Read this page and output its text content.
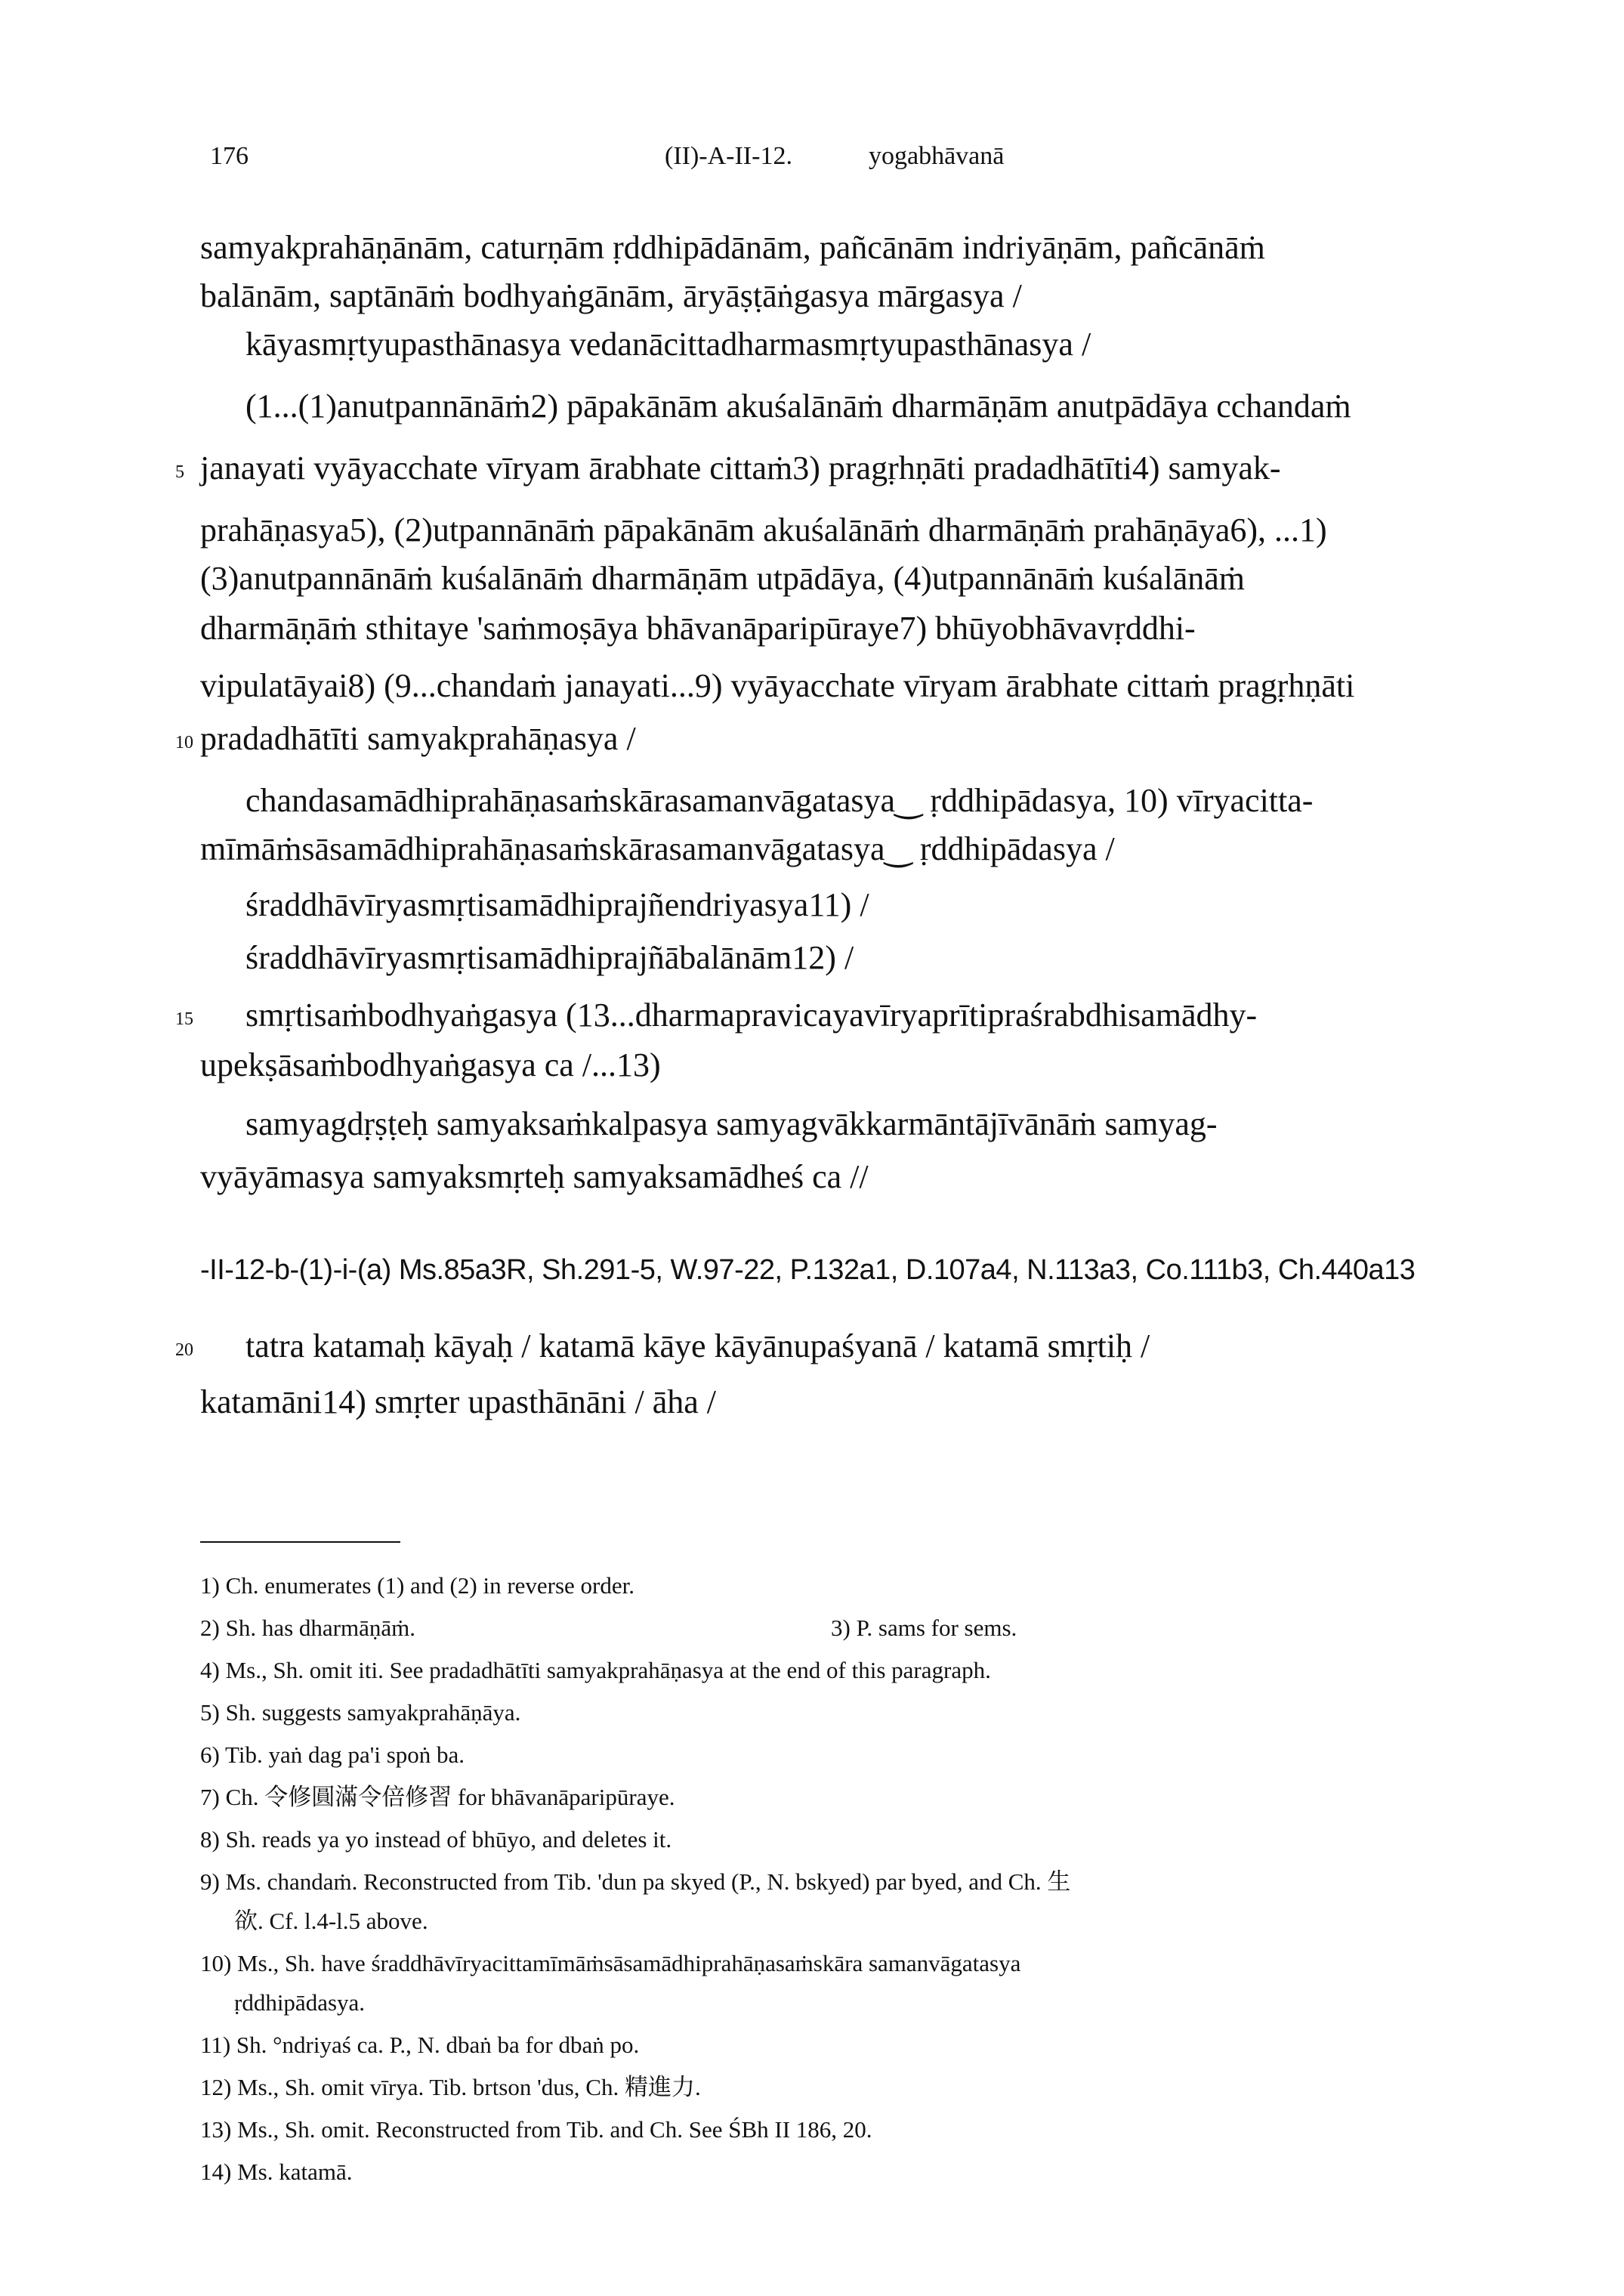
176	(II)-A-II-12.	yogabhāvanā
samyakprahāṇānām, caturṇām ṛddhipādānām, pañcānām indriyāṇām, pañcānāṁ
balānām, saptānāṁ bodhyaṅgānām, āryāṣṭāṅgasya mārgasya /
kāyasmṛtyupasthānasya vedanācittadharmasmṛtyupasthānasya /
(1...(1)anutpannānāṁ2) pāpakānām akuśalānāṁ dharmāṇām anutpādāya cchandaṁ
5 janayati vyāyacchate vīryam ārabhate cittaṁ3) pragṛhṇāti pradadhātīti4) samyak-
prahāṇasya5), (2)utpannānāṁ pāpakānām akuśalānāṁ dharmāṇāṁ prahāṇāya6), ...1)
(3)anutpannānāṁ kuśalānāṁ dharmāṇām utpādāya, (4)utpannānāṁ kuśalānāṁ
dharmāṇāṁ sthitaye 'saṁmoṣāya bhāvanāparipūraye7) bhūyobhāvavṛddhi-
vipulatāyai8) (9...chandaṁ janayati...9) vyāyacchate vīryam ārabhate cittaṁ pragṛhṇāti
10 pradadhātīti samyakprahāṇasya /
chandasamādhiprahāṇasaṁskārasamanvāgatasya‿ ṛddhipādasya, 10) vīryacitta-
mīmāṁsāsamādhiprahāṇasaṁskārasamanvāgatasya‿ ṛddhipādasya /
śraddhāvīryasmṛtisamādhiprajñendriyasya11) /
śraddhāvīryasmṛtisamādhiprajñābalānām12) /
15 smṛtisaṁbodhyaṅgasya (13...dharmapravicayavīryaprītipraśrabdhisamādhy-
upekṣāsaṁbodhyaṅgasya ca /...13)
samyagdṛṣṭeḥ samyaksaṁkalpasya samyagvākkarmāntājīvānāṁ samyag-
vyāyāmasya samyaksmṛteḥ samyaksamādheś ca //
-II-12-b-(1)-i-(a) Ms.85a3R, Sh.291-5, W.97-22, P.132a1, D.107a4, N.113a3, Co.111b3, Ch.440a13
20 tatra katamaḥ kāyaḥ / katamā kāye kāyānupaśyanā / katamā smṛtiḥ /
katamāni14) smṛter upasthānāni / āha /
1) Ch. enumerates (1) and (2) in reverse order.
2) Sh. has dharmāṇāṁ.	3) P. sams for sems.
4) Ms., Sh. omit iti. See pradadhātīti samyakprahāṇasya at the end of this paragraph.
5) Sh. suggests samyakprahāṇāya.
6) Tib. yaṅ dag pa'i spoṅ ba.
7) Ch. 令修圓滿令倍修習 for bhāvanāparipūraye.
8) Sh. reads ya yo instead of bhūyo, and deletes it.
9) Ms. chandaṁ. Reconstructed from Tib. 'dun pa skyed (P., N. bskyed) par byed, and Ch. 生
欲. Cf. l.4-l.5 above.
10) Ms., Sh. have śraddhāvīryacittamīmāṁsāsamādhiprahāṇasaṁskāra samanvāgatasya
ṛddhipādasya.
11) Sh. °ndriyaś ca. P., N. dbaṅ ba for dbaṅ po.
12) Ms., Sh. omit vīrya. Tib. brtson 'dus, Ch. 精進力.
13) Ms., Sh. omit. Reconstructed from Tib. and Ch. See ŚBh II 186, 20.
14) Ms. katamā.
